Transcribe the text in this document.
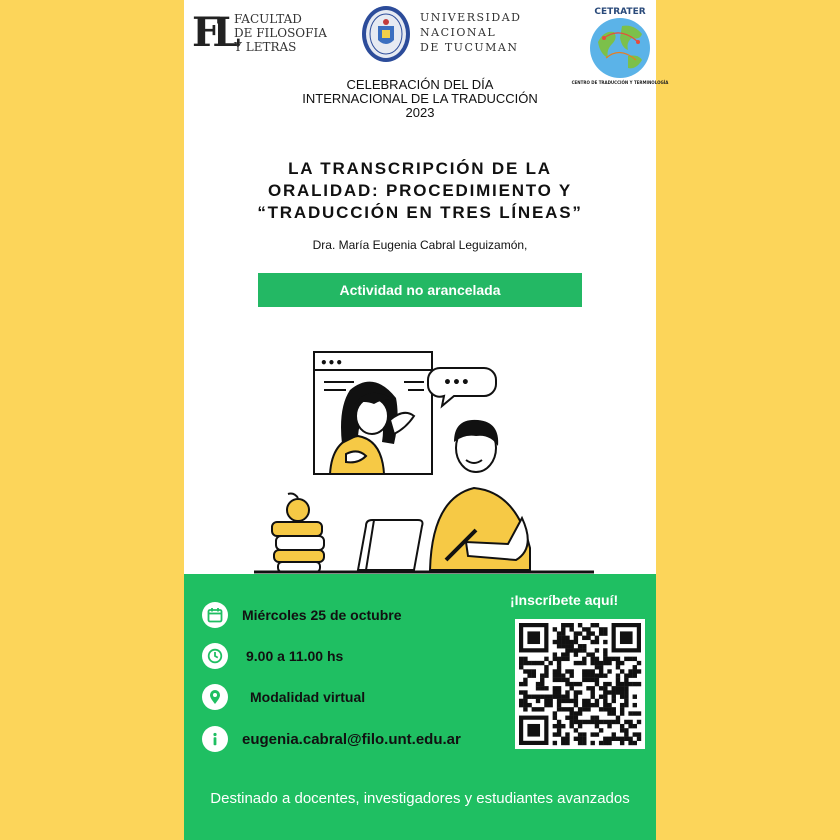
FL FACULTAD
DE FILOSOFIA
Y LETRAS
UNIVERSIDAD
NACIONAL
DE TUCUMAN
CETRATER
CENTRO DE TRADUCCIÓN Y TERMINOLOGÍA
CELEBRACIÓN DEL DÍA
INTERNACIONAL DE LA TRADUCCIÓN
2023
LA TRANSCRIPCIÓN DE LA
ORALIDAD: PROCEDIMIENTO Y
“TRADUCCIÓN EN TRES LÍNEAS”
Dra. María Eugenia Cabral Leguizamón,
Actividad no arancelada
•••
•••
Miércoles 25 de octubre
9.00 a 11.00 hs
Modalidad virtual
eugenia.cabral@filo.unt.edu.ar
¡Inscríbete aquí!
Destinado a docentes, investigadores y estudiantes avanzados
